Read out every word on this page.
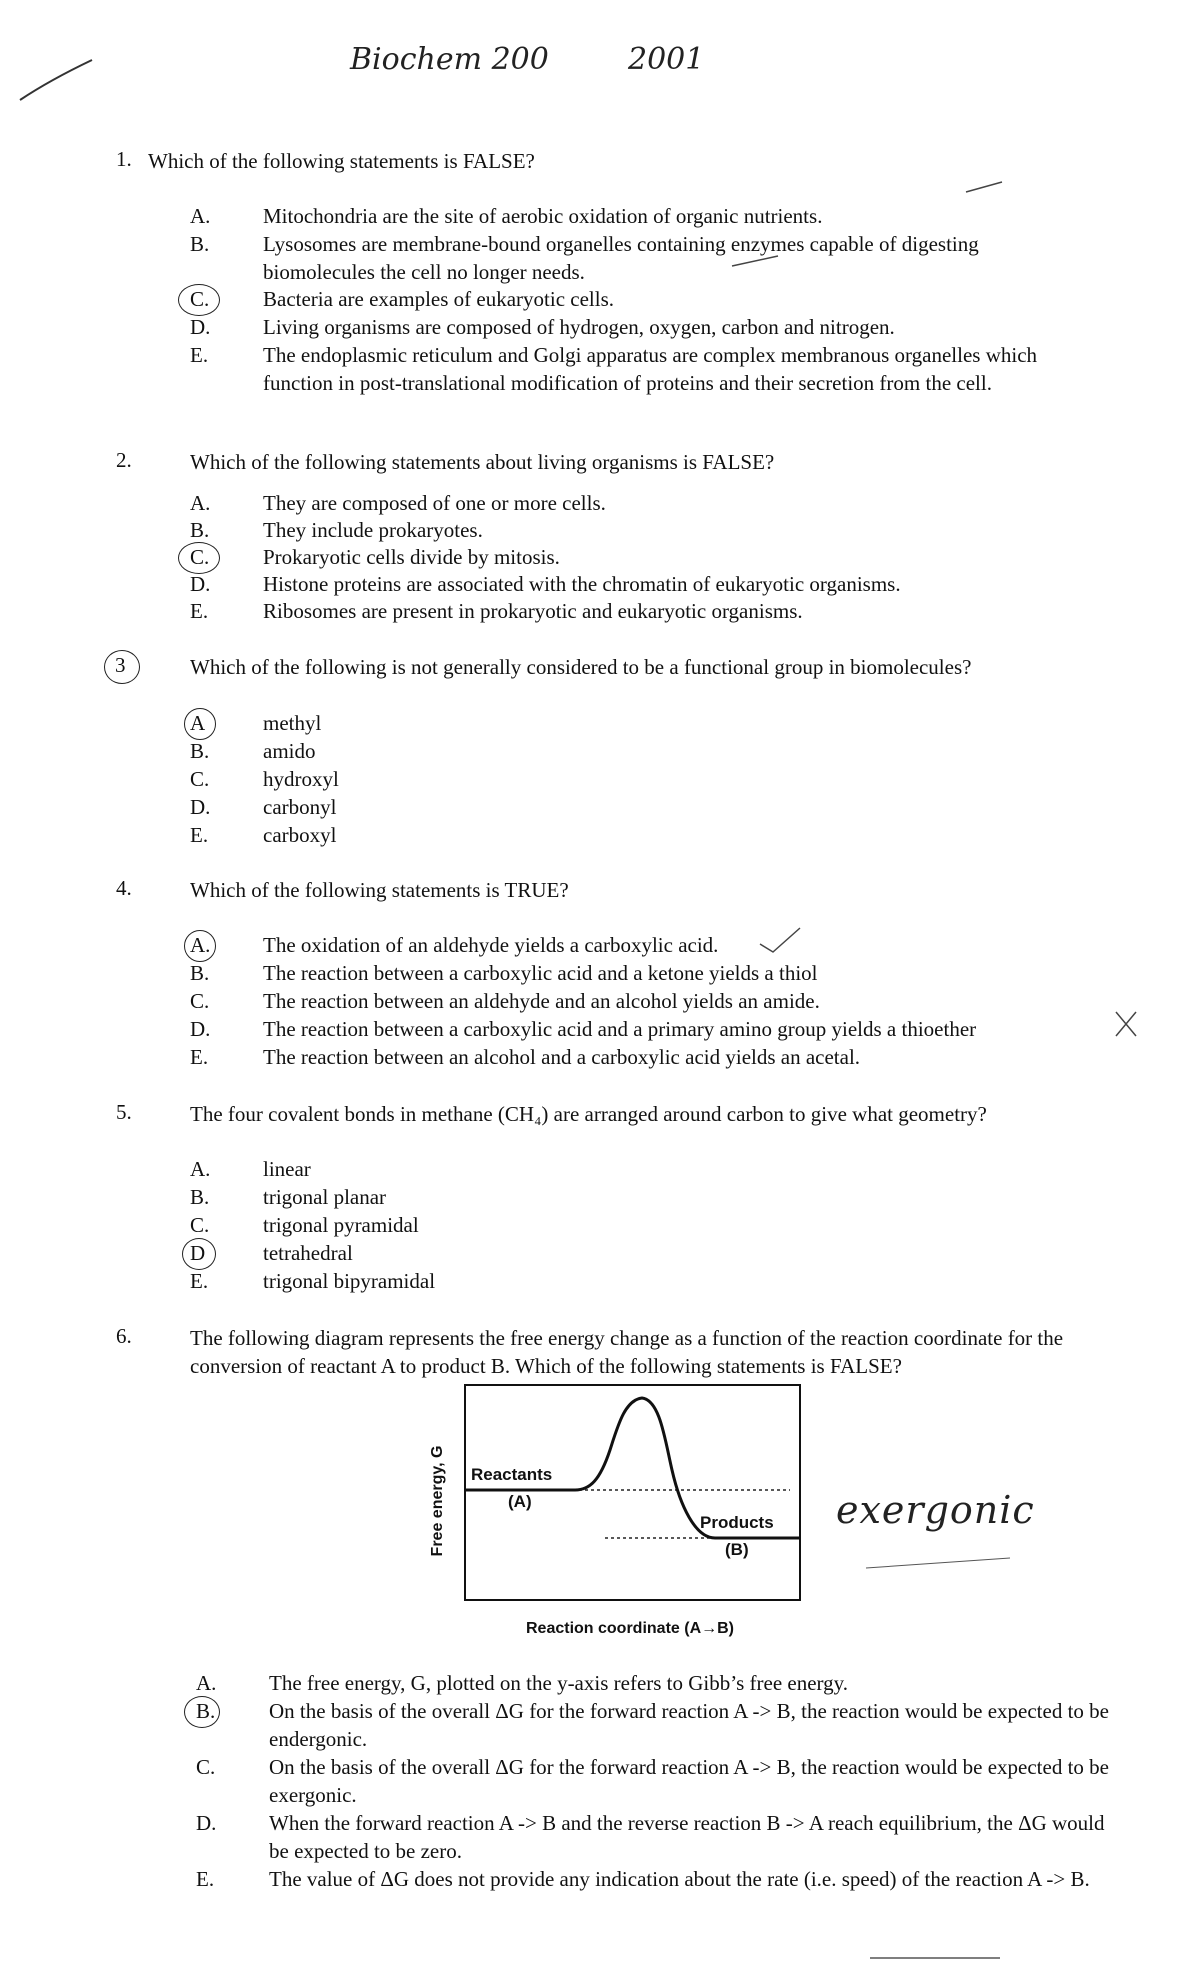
Biochem 200	2001
1. Which of the following statements is FALSE?
A.	Mitochondria are the site of aerobic oxidation of organic nutrients.
B.	Lysosomes are membrane-bound organelles containing enzymes capable of digesting biomolecules the cell no longer needs.
C.	Bacteria are examples of eukaryotic cells.
D.	Living organisms are composed of hydrogen, oxygen, carbon and nitrogen.
E.	The endoplasmic reticulum and Golgi apparatus are complex membranous organelles which function in post-translational modification of proteins and their secretion from the cell.
2.	Which of the following statements about living organisms is FALSE?
A.	They are composed of one or more cells.
B.	They include prokaryotes.
C.	Prokaryotic cells divide by mitosis.
D.	Histone proteins are associated with the chromatin of eukaryotic organisms.
E.	Ribosomes are present in prokaryotic and eukaryotic organisms.
3	Which of the following is not generally considered to be a functional group in biomolecules?
A	methyl
B.	amido
C.	hydroxyl
D.	carbonyl
E.	carboxyl
4.	Which of the following statements is TRUE?
A.	The oxidation of an aldehyde yields a carboxylic acid.
B.	The reaction between a carboxylic acid and a ketone yields a thiol
C.	The reaction between an aldehyde and an alcohol yields an amide.
D.	The reaction between a carboxylic acid and a primary amino group yields a thioether
E.	The reaction between an alcohol and a carboxylic acid yields an acetal.
5.	The four covalent bonds in methane (CH₄) are arranged around carbon to give what geometry?
A.	linear
B.	trigonal planar
C.	trigonal pyramidal
D	tetrahedral
E.	trigonal bipyramidal
6.	The following diagram represents the free energy change as a function of the reaction coordinate for the conversion of reactant A to product B. Which of the following statements is FALSE?
Reactants
(A)
Products
(B)
Free energy, G
Reaction coordinate (A→B)
exergonic
A.	The free energy, G, plotted on the y-axis refers to Gibb’s free energy.
B.	On the basis of the overall ΔG for the forward reaction A -> B, the reaction would be expected to be endergonic.
C.	On the basis of the overall ΔG for the forward reaction A -> B, the reaction would be expected to be exergonic.
D.	When the forward reaction A -> B and the reverse reaction B -> A reach equilibrium, the ΔG would be expected to be zero.
E.	The value of ΔG does not provide any indication about the rate (i.e. speed) of the reaction A -> B.
